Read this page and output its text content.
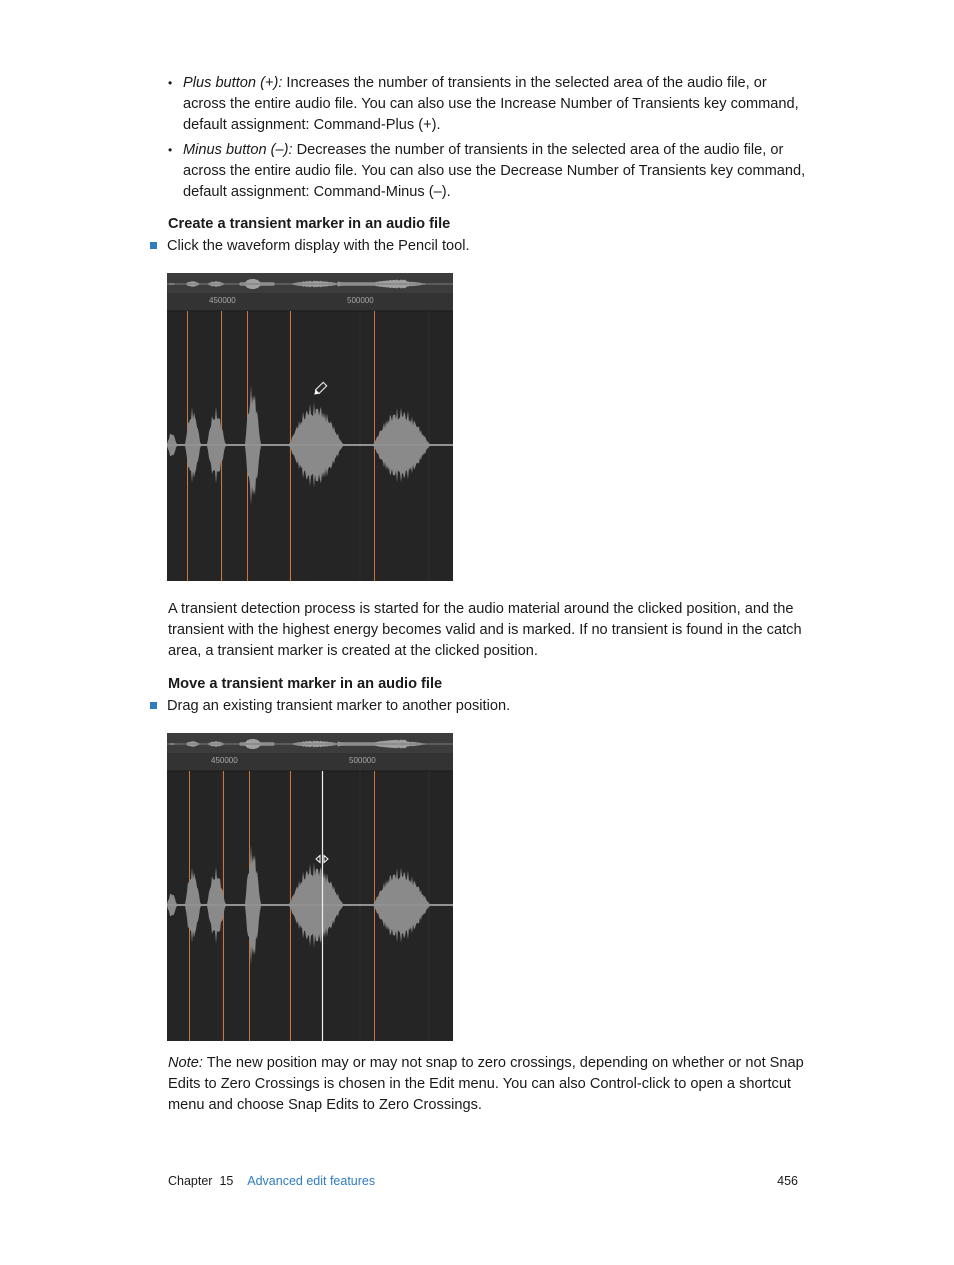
• Plus button (+): Increases the number of transients in the selected area of the audio file, or across the entire audio file. You can also use the Increase Number of Transients key command, default assignment: Command-Plus (+).
• Minus button (–): Decreases the number of transients in the selected area of the audio file, or across the entire audio file. You can also use the Decrease Number of Transients key command, default assignment: Command-Minus (–).
Create a transient marker in an audio file
Click the waveform display with the Pencil tool.
450000	500000
A transient detection process is started for the audio material around the clicked position, and the transient with the highest energy becomes valid and is marked. If no transient is found in the catch area, a transient marker is created at the clicked position.
Move a transient marker in an audio file
Drag an existing transient marker to another position.
450000	500000
Note: The new position may or may not snap to zero crossings, depending on whether or not Snap Edits to Zero Crossings is chosen in the Edit menu. You can also Control-click to open a shortcut menu and choose Snap Edits to Zero Crossings.
Chapter 15 Advanced edit features	456
